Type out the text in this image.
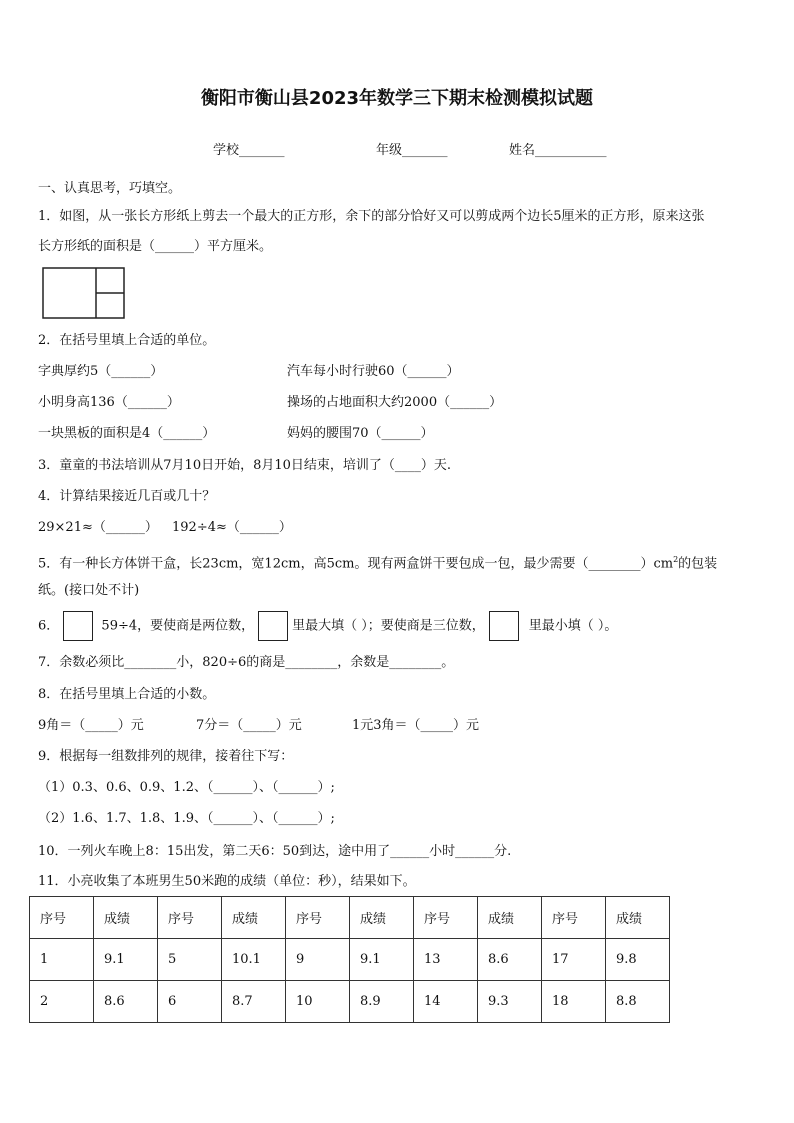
衡阳市衡山县2023年数学三下期末检测模拟试题
学校_______	年级_______	姓名___________
一、认真思考，巧填空。
1．如图，从一张长方形纸上剪去一个最大的正方形，余下的部分恰好又可以剪成两个边长5厘米的正方形，原来这张
长方形纸的面积是（______）平方厘米。
2．在括号里填上合适的单位。
字典厚约5（______）	汽车每小时行驶60（______）
小明身高136（______）	操场的占地面积大约2000（______）
一块黑板的面积是4（______）	妈妈的腰围70（______）
3．童童的书法培训从7月10日开始，8月10日结束，培训了（____）天.
4．计算结果接近几百或几十？
29×21≈（______） 192÷4≈（______）
5．有一种长方体饼干盒，长23cm，宽12cm，高5cm。现有两盒饼干要包成一包，最少需要$(\_\_\_\_\_\_\_\_)cm^2$的包装
纸。(接口处不计)
6．	59÷4，要使商是两位数，	里最大填（ ）；要使商是三位数，	里最小填（ ）。
7．余数必须比________小，820÷6的商是________，余数是________。
8．在括号里填上合适的小数。
9角＝（_____）元	7分＝（_____）元	1元3角＝（_____）元
9．根据每一组数排列的规律，接着往下写：
（1）0.3、0.6、0.9、1.2、（______）、（______）;
（2）1.6、1.7、1.8、1.9、（______）、（______）;
10．一列火车晚上8：15出发，第二天6：50到达，途中用了______小时______分.
11．小亮收集了本班男生50米跑的成绩（单位：秒），结果如下。
序号	成绩	序号	成绩	序号	成绩	序号	成绩	序号	成绩
1	9.1	5	10.1	9	9.1	13	8.6	17	9.8
2	8.6	6	8.7	10	8.9	14	9.3	18	8.8
